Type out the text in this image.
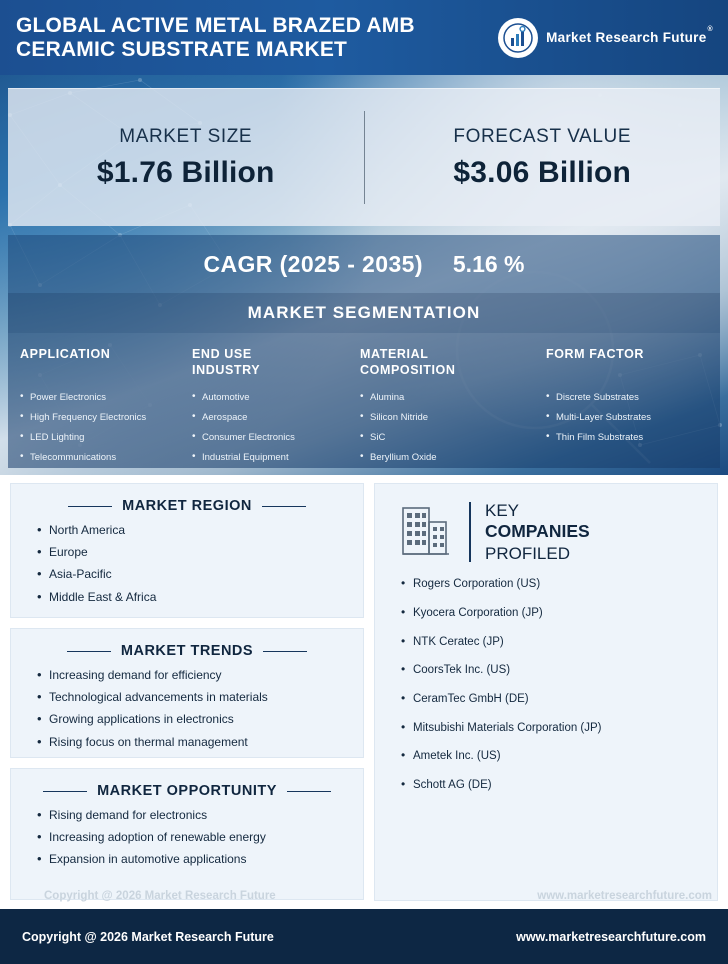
GLOBAL ACTIVE METAL BRAZED AMB CERAMIC SUBSTRATE MARKET	Market Research Future®
MARKET SIZE
$1.76 Billion
FORECAST VALUE
$3.06 Billion
CAGR (2025 - 2035) 5.16 %
MARKET SEGMENTATION
APPLICATION
• Power Electronics
• High Frequency Electronics
• LED Lighting
• Telecommunications
END USE
INDUSTRY
• Automotive
• Aerospace
• Consumer Electronics
• Industrial Equipment
MATERIAL
COMPOSITION
• Alumina
• Silicon Nitride
• SiC
• Beryllium Oxide
FORM FACTOR
• Discrete Substrates
• Multi-Layer Substrates
• Thin Film Substrates
MARKET REGION
• North America
• Europe
• Asia-Pacific
• Middle East & Africa
MARKET TRENDS
• Increasing demand for efficiency
• Technological advancements in materials
• Growing applications in electronics
• Rising focus on thermal management
MARKET OPPORTUNITY
• Rising demand for electronics
• Increasing adoption of renewable energy
• Expansion in automotive applications
KEY
COMPANIES
PROFILED
• Rogers Corporation (US)
• Kyocera Corporation (JP)
• NTK Ceratec (JP)
• CoorsTek Inc. (US)
• CeramTec GmbH (DE)
• Mitsubishi Materials Corporation (JP)
• Ametek Inc. (US)
• Schott AG (DE)
Copyright @ 2026 Market Research Future	www.marketresearchfuture.com
Copyright @ 2026 Market Research Future	www.marketresearchfuture.com
